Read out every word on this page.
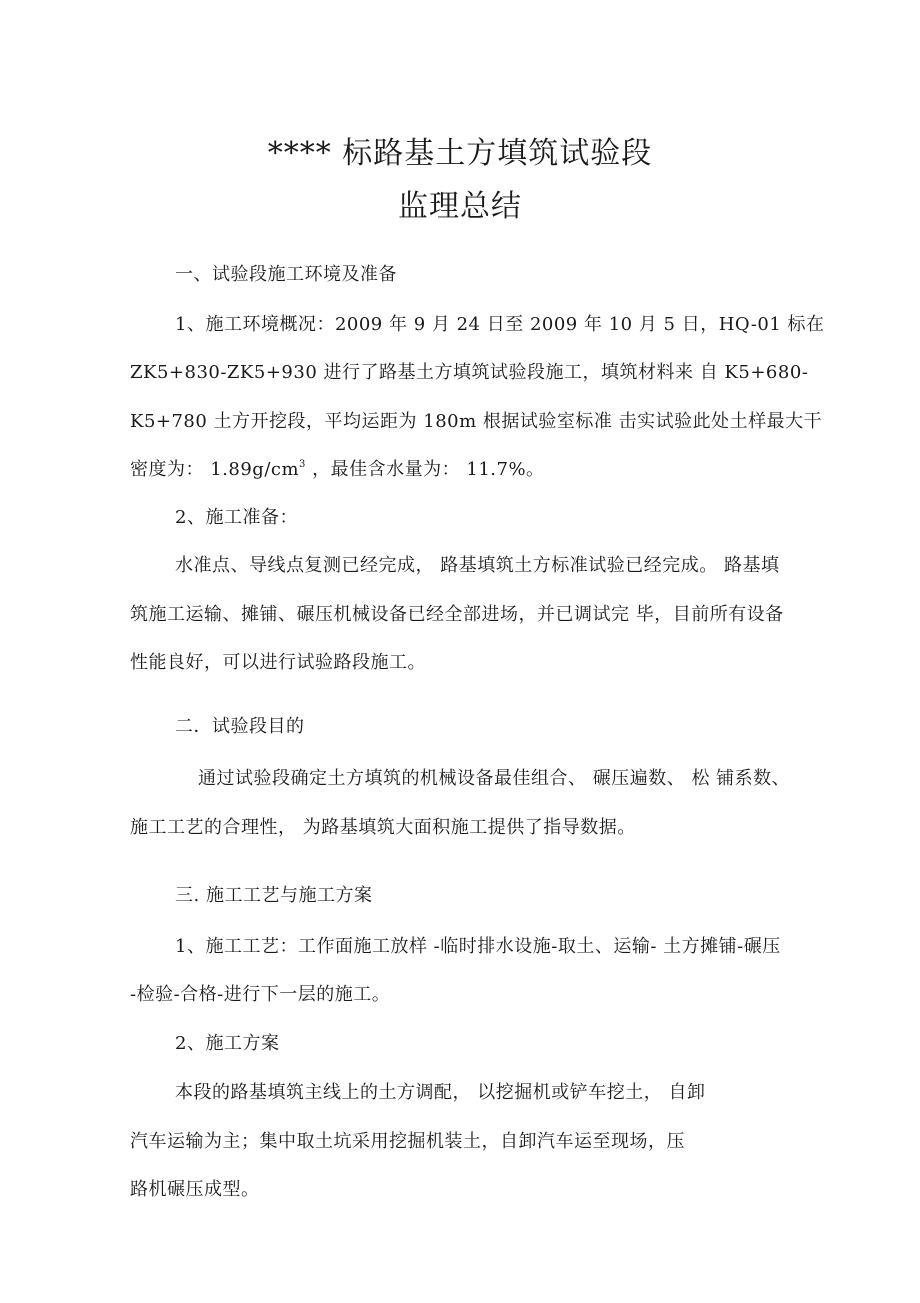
**** 标路基土方填筑试验段
监理总结
一、试验段施工环境及准备
1、施工环境概况：2009 年 9 月 24 日至 2009 年 10 月 5 日，HQ-01 标在
ZK5+830-ZK5+930 进行了路基土方填筑试验段施工，填筑材料来 自 K5+680-
K5+780 土方开挖段，平均运距为 180m 根据试验室标准 击实试验此处土样最大干
密度为： $1.89g/cm^3$ ，最佳含水量为： 11.7%。
2、施工准备：
水准点、导线点复测已经完成， 路基填筑土方标准试验已经完成。 路基填
筑施工运输、摊铺、碾压机械设备已经全部进场，并已调试完 毕，目前所有设备
性能良好，可以进行试验路段施工。
二．试验段目的
通过试验段确定土方填筑的机械设备最佳组合、 碾压遍数、 松 铺系数、
施工工艺的合理性， 为路基填筑大面积施工提供了指导数据。
三. 施工工艺与施工方案
1、施工工艺：工作面施工放样 -临时排水设施-取土、运输- 土方摊铺-碾压
-检验-合格-进行下一层的施工。
2、施工方案
本段的路基填筑主线上的土方调配， 以挖掘机或铲车挖土， 自卸
汽车运输为主；集中取土坑采用挖掘机装土，自卸汽车运至现场，压
路机碾压成型。
